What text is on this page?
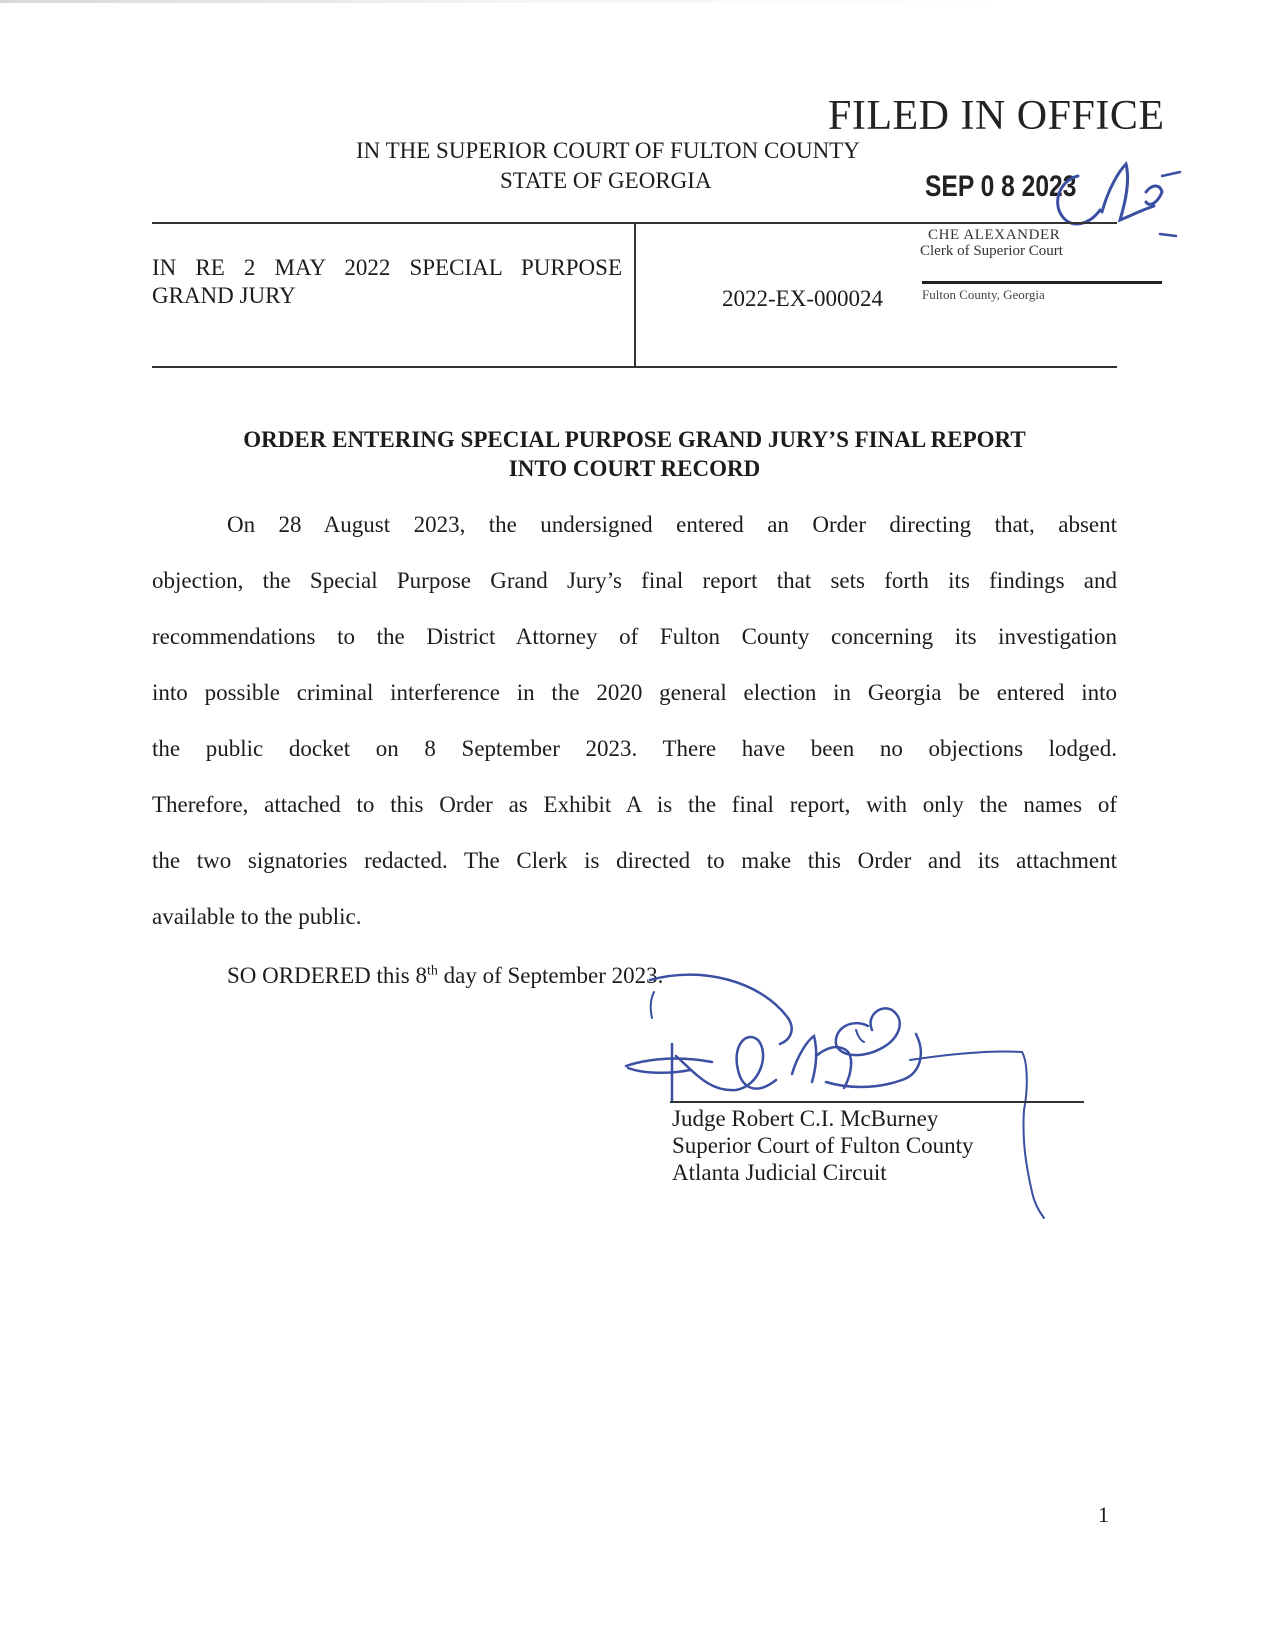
IN THE SUPERIOR COURT OF FULTON COUNTY
STATE OF GEORGIA
FILED IN OFFICE
SEP 0 8 2023
CHE ALEXANDER
Clerk of Superior Court
Fulton County, Georgia
IN RE 2 MAY 2022 SPECIAL PURPOSE
GRAND JURY	2022-EX-000024
ORDER ENTERING SPECIAL PURPOSE GRAND JURY’S FINAL REPORT
INTO COURT RECORD
On 28 August 2023, the undersigned entered an Order directing that, absent
objection, the Special Purpose Grand Jury’s final report that sets forth its findings and
recommendations to the District Attorney of Fulton County concerning its investigation
into possible criminal interference in the 2020 general election in Georgia be entered into
the public docket on 8 September 2023. There have been no objections lodged.
Therefore, attached to this Order as Exhibit A is the final report, with only the names of
the two signatories redacted. The Clerk is directed to make this Order and its attachment
available to the public.
SO ORDERED this 8th day of September 2023.
Judge Robert C.I. McBurney
Superior Court of Fulton County
Atlanta Judicial Circuit
1
